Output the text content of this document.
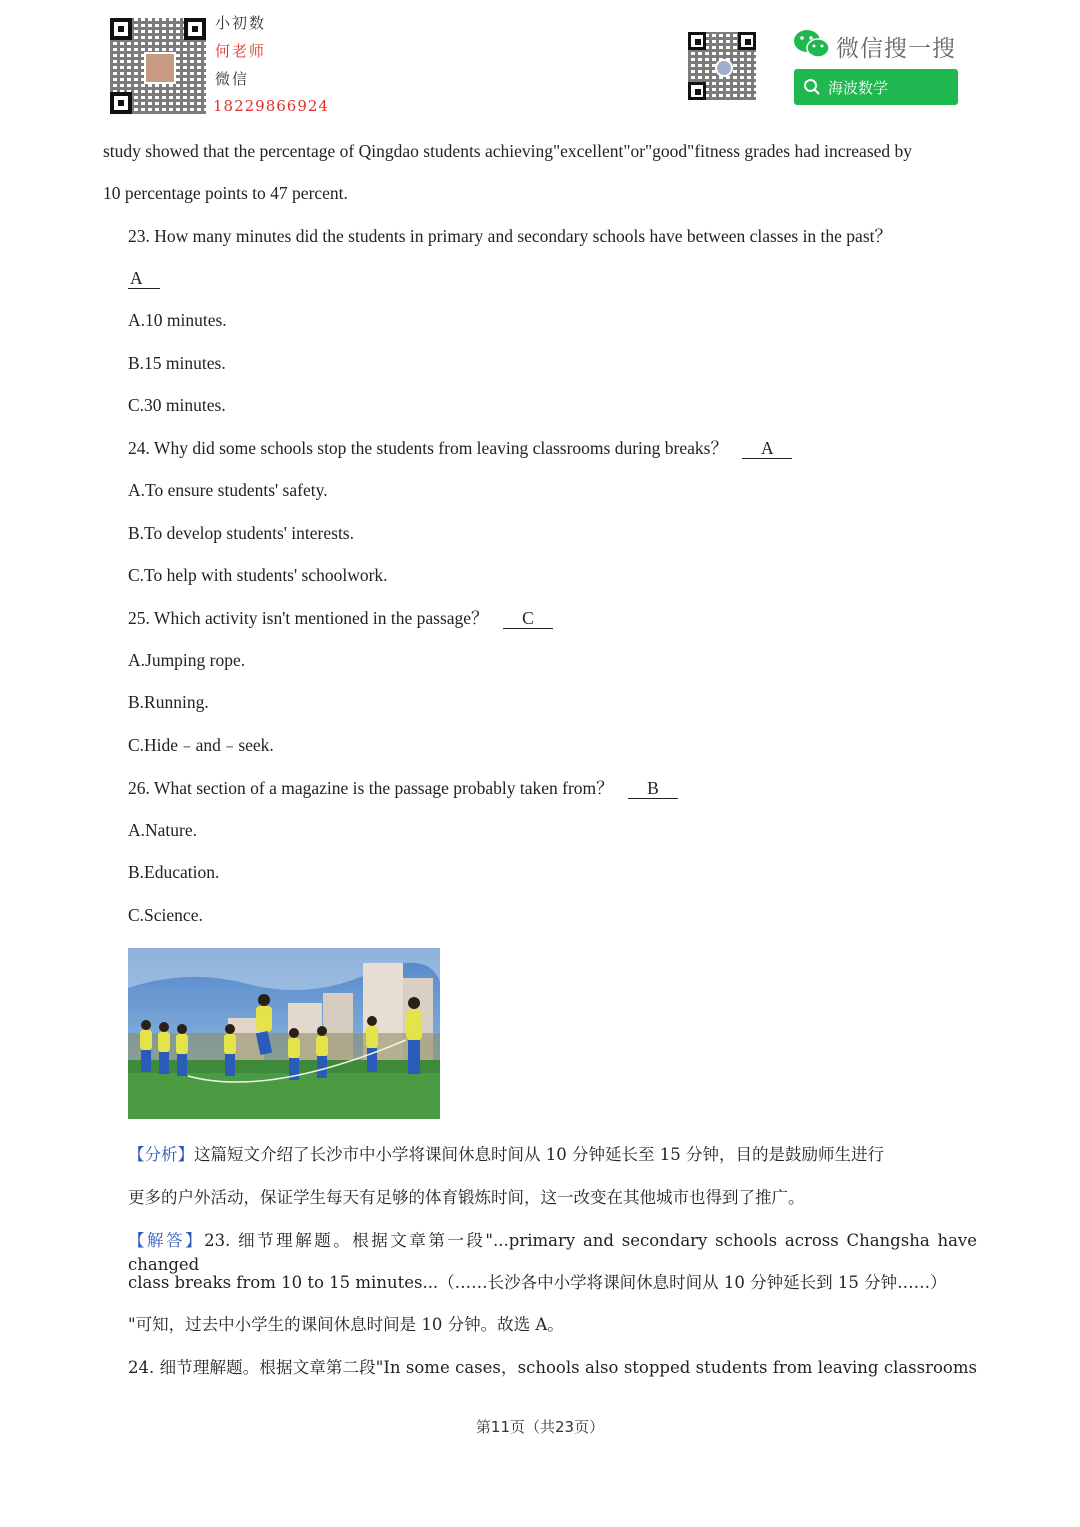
小初数
何老师
微信
18229866924
微信搜一搜
海波数学
study showed that the percentage of Qingdao students achieving"excellent"or"good"fitness grades had increased by
10 percentage points to 47 percent.
23. How many minutes did the students in primary and secondary schools have between classes in the past？
A
A.10 minutes.
B.15 minutes.
C.30 minutes.
24. Why did some schools stop the students from leaving classrooms during breaks？ A
A.To ensure students' safety.
B.To develop students' interests.
C.To help with students' schoolwork.
25. Which activity isn't mentioned in the passage？ C
A.Jumping rope.
B.Running.
C.Hide﹣and﹣seek.
26. What section of a magazine is the passage probably taken from？ B
A.Nature.
B.Education.
C.Science.
【分析】这篇短文介绍了长沙市中小学将课间休息时间从 10 分钟延长至 15 分钟，目的是鼓励师生进行
更多的户外活动，保证学生每天有足够的体育锻炼时间，这一改变在其他城市也得到了推广。
【解答】23. 细节理解题。根据文章第一段"...primary and secondary schools across Changsha have changed
class breaks from 10 to 15 minutes...（……长沙各中小学将课间休息时间从 10 分钟延长到 15 分钟……）
"可知，过去中小学生的课间休息时间是 10 分钟。故选 A。
24. 细节理解题。根据文章第二段"In some cases，schools also stopped students from leaving classrooms
第11页（共23页）
